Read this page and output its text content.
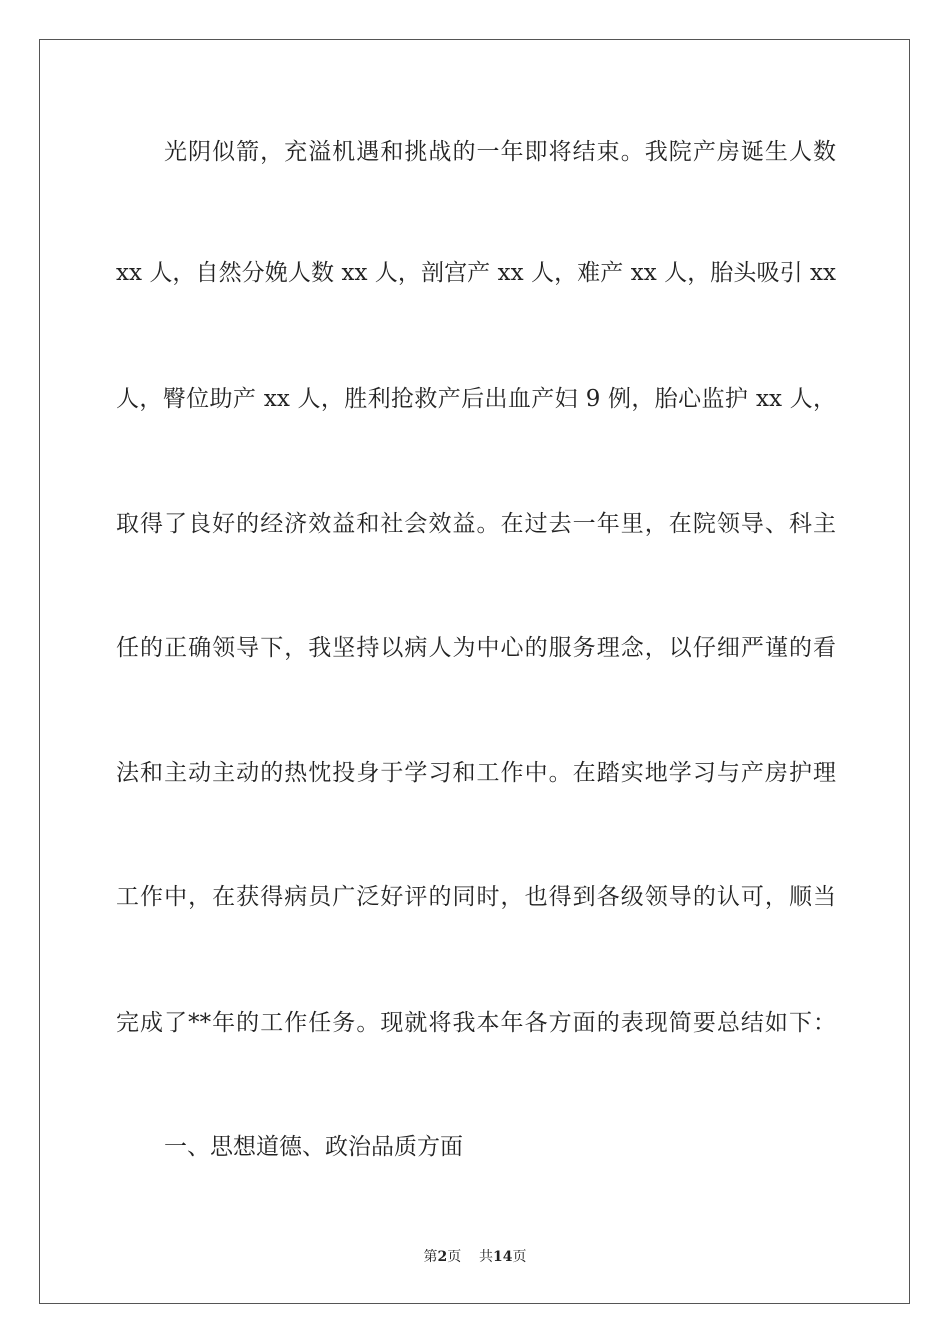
光阴似箭，充溢机遇和挑战的一年即将结束。我院产房诞生人数
xx 人，自然分娩人数 xx 人，剖宫产 xx 人，难产 xx 人，胎头吸引 xx
人，臀位助产 xx 人，胜利抢救产后出血产妇 9 例，胎心监护 xx 人，
取得了良好的经济效益和社会效益。在过去一年里，在院领导、科主
任的正确领导下，我坚持以病人为中心的服务理念，以仔细严谨的看
法和主动主动的热忱投身于学习和工作中。在踏实地学习与产房护理
工作中，在获得病员广泛好评的同时，也得到各级领导的认可，顺当
完成了**年的工作任务。现就将我本年各方面的表现简要总结如下：
一、思想道德、政治品质方面
第2页 共14页
